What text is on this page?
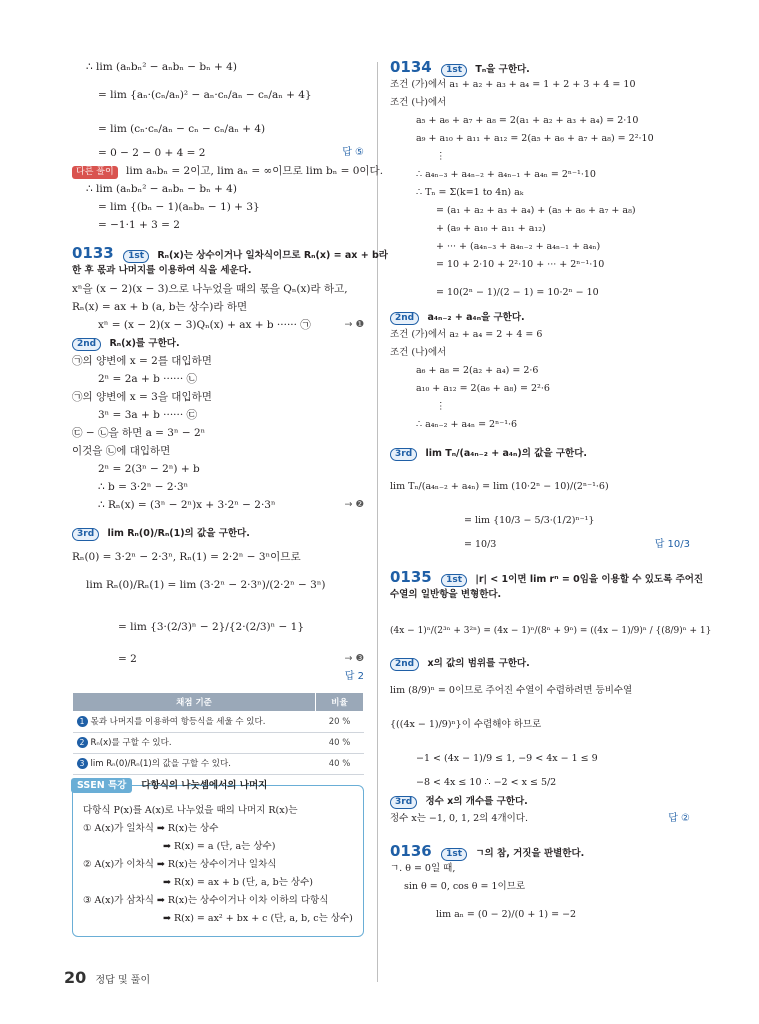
∴ lim (aₙbₙ² − aₙbₙ − bₙ + 4)
= lim {aₙ·(cₙ/aₙ)² − aₙ·cₙ/aₙ − cₙ/aₙ + 4}
= lim (cₙ·cₙ/aₙ − cₙ − cₙ/aₙ + 4)
= 0 − 2 − 0 + 4 = 2	답 ⑤
다른 풀이 lim aₙbₙ = 2이고, lim aₙ = ∞이므로 lim bₙ = 0이다.
∴ lim (aₙbₙ² − aₙbₙ − bₙ + 4)
= lim {(bₙ − 1)(aₙbₙ − 1) + 3}
= −1·1 + 3 = 2
0133 1st Rₙ(x)는 상수이거나 일차식이므로 Rₙ(x) = ax + b라
한 후 몫과 나머지를 이용하여 식을 세운다.
xⁿ을 (x − 2)(x − 3)으로 나누었을 때의 몫을 Qₙ(x)라 하고,
Rₙ(x) = ax + b (a, b는 상수)라 하면
xⁿ = (x − 2)(x − 3)Qₙ(x) + ax + b ······ ㉠	→ ❶
2nd Rₙ(x)를 구한다.
㉠의 양변에 x = 2를 대입하면
2ⁿ = 2a + b ······ ㉡
㉠의 양변에 x = 3을 대입하면
3ⁿ = 3a + b ······ ㉢
㉢ − ㉡을 하면 a = 3ⁿ − 2ⁿ
이것을 ㉡에 대입하면
2ⁿ = 2(3ⁿ − 2ⁿ) + b
∴ b = 3·2ⁿ − 2·3ⁿ
∴ Rₙ(x) = (3ⁿ − 2ⁿ)x + 3·2ⁿ − 2·3ⁿ	→ ❷
3rd lim Rₙ(0)/Rₙ(1)의 값을 구한다.
Rₙ(0) = 3·2ⁿ − 2·3ⁿ, Rₙ(1) = 2·2ⁿ − 3ⁿ이므로
lim Rₙ(0)/Rₙ(1) = lim (3·2ⁿ − 2·3ⁿ)/(2·2ⁿ − 3ⁿ)
= lim {3·(2/3)ⁿ − 2}/{2·(2/3)ⁿ − 1}
= 2	→ ❸
답 2
채점 기준	비율
1 몫과 나머지를 이용하여 항등식을 세울 수 있다.	20 %
2 Rₙ(x)를 구할 수 있다.	40 %
3 lim Rₙ(0)/Rₙ(1)의 값을 구할 수 있다.	40 %
SSEN 특강 다항식의 나눗셈에서의 나머지
다항식 P(x)를 A(x)로 나누었을 때의 나머지 R(x)는
① A(x)가 일차식 ➡ R(x)는 상수
➡ R(x) = a (단, a는 상수)
② A(x)가 이차식 ➡ R(x)는 상수이거나 일차식
➡ R(x) = ax + b (단, a, b는 상수)
③ A(x)가 삼차식 ➡ R(x)는 상수이거나 이차 이하의 다항식
➡ R(x) = ax² + bx + c (단, a, b, c는 상수)
0134 1st Tₙ을 구한다.
조건 (가)에서 a₁ + a₂ + a₃ + a₄ = 1 + 2 + 3 + 4 = 10
조건 (나)에서
a₅ + a₆ + a₇ + a₈ = 2(a₁ + a₂ + a₃ + a₄) = 2·10
a₉ + a₁₀ + a₁₁ + a₁₂ = 2(a₅ + a₆ + a₇ + a₈) = 2²·10
⋮
∴ a₄ₙ₋₃ + a₄ₙ₋₂ + a₄ₙ₋₁ + a₄ₙ = 2ⁿ⁻¹·10
∴ Tₙ = Σ(k=1 to 4n) aₖ
= (a₁ + a₂ + a₃ + a₄) + (a₅ + a₆ + a₇ + a₈)
+ (a₉ + a₁₀ + a₁₁ + a₁₂)
+ ··· + (a₄ₙ₋₃ + a₄ₙ₋₂ + a₄ₙ₋₁ + a₄ₙ)
= 10 + 2·10 + 2²·10 + ··· + 2ⁿ⁻¹·10
= 10(2ⁿ − 1)/(2 − 1) = 10·2ⁿ − 10
2nd a₄ₙ₋₂ + a₄ₙ을 구한다.
조건 (가)에서 a₂ + a₄ = 2 + 4 = 6
조건 (나)에서
a₆ + a₈ = 2(a₂ + a₄) = 2·6
a₁₀ + a₁₂ = 2(a₆ + a₈) = 2²·6
⋮
∴ a₄ₙ₋₂ + a₄ₙ = 2ⁿ⁻¹·6
3rd lim Tₙ/(a₄ₙ₋₂ + a₄ₙ)의 값을 구한다.
lim Tₙ/(a₄ₙ₋₂ + a₄ₙ) = lim (10·2ⁿ − 10)/(2ⁿ⁻¹·6)
= lim {10/3 − 5/3·(1/2)ⁿ⁻¹}
= 10/3	답 10/3
0135 1st |r| < 1이면 lim rⁿ = 0임을 이용할 수 있도록 주어진
수열의 일반항을 변형한다.
(4x − 1)ⁿ/(2³ⁿ + 3²ⁿ) = (4x − 1)ⁿ/(8ⁿ + 9ⁿ) = ((4x − 1)/9)ⁿ / {(8/9)ⁿ + 1}
2nd x의 값의 범위를 구한다.
lim (8/9)ⁿ = 0이므로 주어진 수열이 수렴하려면 등비수열
{((4x − 1)/9)ⁿ}이 수렴해야 하므로
−1 < (4x − 1)/9 ≤ 1, −9 < 4x − 1 ≤ 9
−8 < 4x ≤ 10 ∴ −2 < x ≤ 5/2
3rd 정수 x의 개수를 구한다.
정수 x는 −1, 0, 1, 2의 4개이다.	답 ②
0136 1st ㄱ의 참, 거짓을 판별한다.
ㄱ. θ = 0일 때,
sin θ = 0, cos θ = 1이므로
lim aₙ = (0 − 2)/(0 + 1) = −2
20 정답 및 풀이
